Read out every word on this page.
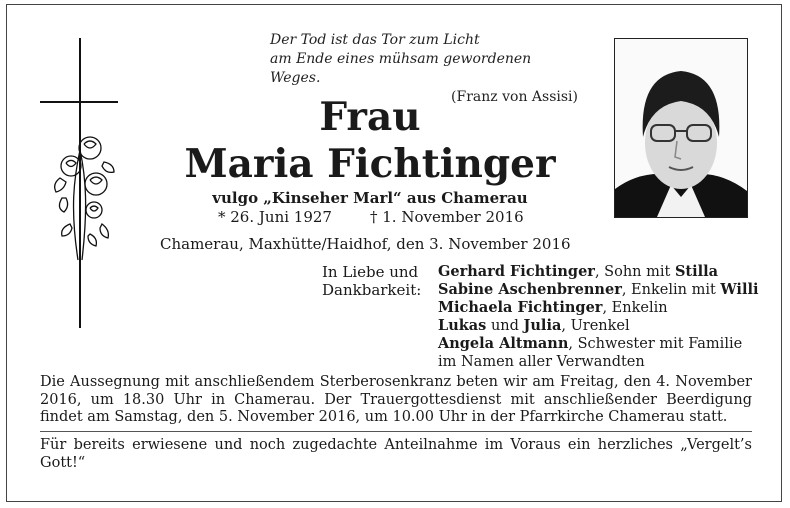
Der Tod ist das Tor zum Licht
am Ende eines mühsam gewordenen Weges.
(Franz von Assisi)
Frau
Maria Fichtinger
vulgo „Kinseher Marl“ aus Chamerau
* 26. Juni 1927	† 1. November 2016
Chamerau, Maxhütte/Haidhof, den 3. November 2016
In Liebe und
Dankbarkeit:
Gerhard Fichtinger, Sohn mit Stilla
Sabine Aschenbrenner, Enkelin mit Willi
Michaela Fichtinger, Enkelin
Lukas und Julia, Urenkel
Angela Altmann, Schwester mit Familie
im Namen aller Verwandten
Die Aussegnung mit anschließendem Sterberosenkranz beten wir am Freitag, den 4. November 2016, um 18.30 Uhr in Chamerau. Der Trauergottesdienst mit anschließender Beerdigung findet am Samstag, den 5. November 2016, um 10.00 Uhr in der Pfarrkirche Chamerau statt.
Für bereits erwiesene und noch zugedachte Anteilnahme im Voraus ein herzliches „Vergelt’s Gott!“
